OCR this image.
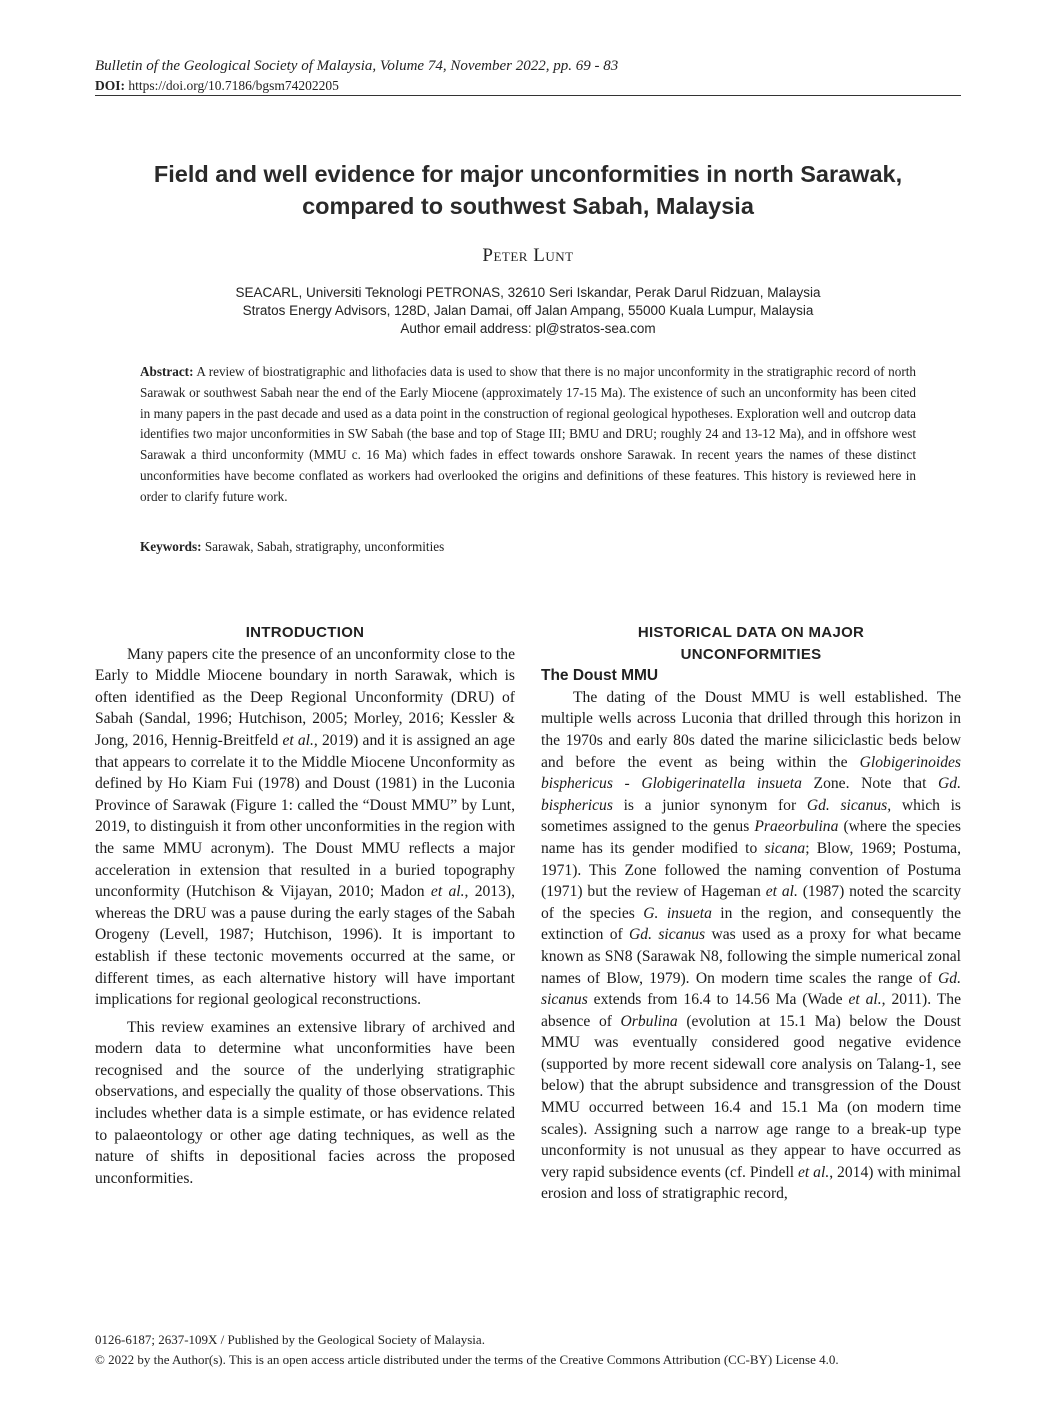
Bulletin of the Geological Society of Malaysia, Volume 74, November 2022, pp. 69 - 83
DOI: https://doi.org/10.7186/bgsm74202205
Field and well evidence for major unconformities in north Sarawak,
compared to southwest Sabah, Malaysia
Peter Lunt
SEACARL, Universiti Teknologi PETRONAS, 32610 Seri Iskandar, Perak Darul Ridzuan, Malaysia
Stratos Energy Advisors, 128D, Jalan Damai, off Jalan Ampang, 55000 Kuala Lumpur, Malaysia
Author email address: pl@stratos-sea.com
Abstract: A review of biostratigraphic and lithofacies data is used to show that there is no major unconformity in the stratigraphic record of north Sarawak or southwest Sabah near the end of the Early Miocene (approximately 17-15 Ma). The existence of such an unconformity has been cited in many papers in the past decade and used as a data point in the construction of regional geological hypotheses. Exploration well and outcrop data identifies two major unconformities in SW Sabah (the base and top of Stage III; BMU and DRU; roughly 24 and 13-12 Ma), and in offshore west Sarawak a third unconformity (MMU c. 16 Ma) which fades in effect towards onshore Sarawak. In recent years the names of these distinct unconformities have become conflated as workers had overlooked the origins and definitions of these features. This history is reviewed here in order to clarify future work.
Keywords: Sarawak, Sabah, stratigraphy, unconformities
INTRODUCTION

Many papers cite the presence of an unconformity close to the Early to Middle Miocene boundary in north Sarawak, which is often identified as the Deep Regional Unconformity (DRU) of Sabah (Sandal, 1996; Hutchison, 2005; Morley, 2016; Kessler & Jong, 2016, Hennig-Breitfeld et al., 2019) and it is assigned an age that appears to correlate it to the Middle Miocene Unconformity as defined by Ho Kiam Fui (1978) and Doust (1981) in the Luconia Province of Sarawak (Figure 1: called the “Doust MMU” by Lunt, 2019, to distinguish it from other unconformities in the region with the same MMU acronym). The Doust MMU reflects a major acceleration in extension that resulted in a buried topography unconformity (Hutchison & Vijayan, 2010; Madon et al., 2013), whereas the DRU was a pause during the early stages of the Sabah Orogeny (Levell, 1987; Hutchison, 1996). It is important to establish if these tectonic movements occurred at the same, or different times, as each alternative history will have important implications for regional geological reconstructions.

This review examines an extensive library of archived and modern data to determine what unconformities have been recognised and the source of the underlying stratigraphic observations, and especially the quality of those observations. This includes whether data is a simple estimate, or has evidence related to palaeontology or other age dating techniques, as well as the nature of shifts in depositional facies across the proposed unconformities.

HISTORICAL DATA ON MAJOR
UNCONFORMITIES
The Doust MMU

The dating of the Doust MMU is well established. The multiple wells across Luconia that drilled through this horizon in the 1970s and early 80s dated the marine siliciclastic beds below and before the event as being within the Globigerinoides bisphericus - Globigerinatella insueta Zone. Note that Gd. bisphericus is a junior synonym for Gd. sicanus, which is sometimes assigned to the genus Praeorbulina (where the species name has its gender modified to sicana; Blow, 1969; Postuma, 1971). This Zone followed the naming convention of Postuma (1971) but the review of Hageman et al. (1987) noted the scarcity of the species G. insueta in the region, and consequently the extinction of Gd. sicanus was used as a proxy for what became known as SN8 (Sarawak N8, following the simple numerical zonal names of Blow, 1979). On modern time scales the range of Gd. sicanus extends from 16.4 to 14.56 Ma (Wade et al., 2011). The absence of Orbulina (evolution at 15.1 Ma) below the Doust MMU was eventually considered good negative evidence (supported by more recent sidewall core analysis on Talang-1, see below) that the abrupt subsidence and transgression of the Doust MMU occurred between 16.4 and 15.1 Ma (on modern time scales). Assigning such a narrow age range to a break-up type unconformity is not unusual as they appear to have occurred as very rapid subsidence events (cf. Pindell et al., 2014) with minimal erosion and loss of stratigraphic record,

0126-6187; 2637-109X / Published by the Geological Society of Malaysia.
© 2022 by the Author(s). This is an open access article distributed under the terms of the Creative Commons Attribution (CC-BY) License 4.0.
